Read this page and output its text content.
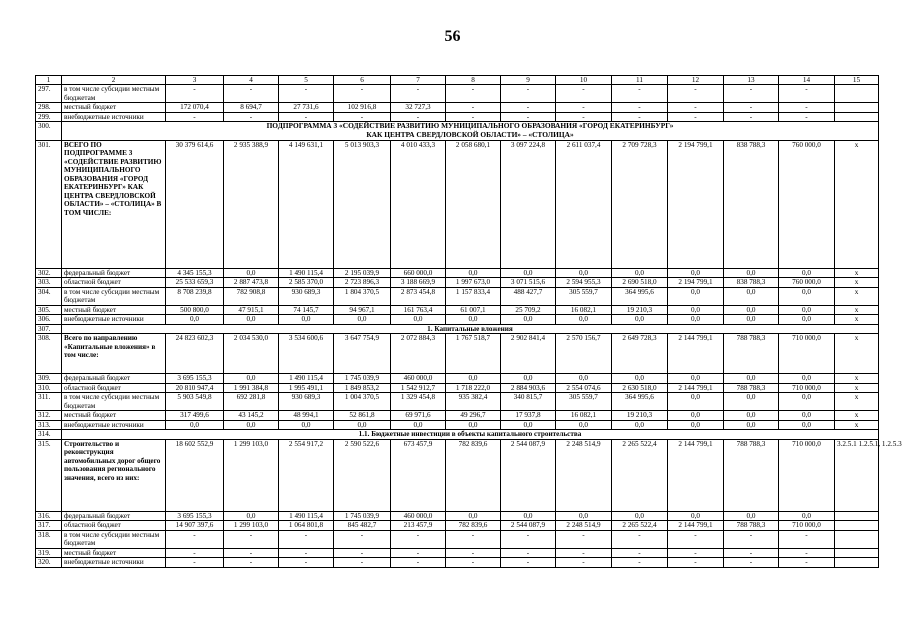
56
1	2	3	4	5	6	7	8	9	10	11	12	13	14	15
297.	в том числе субсидии местным бюджетам	-	-	-	-	-	-	-	-	-	-	-	-	
298.	местный бюджет	172 070,4	8 694,7	27 731,6	102 916,8	32 727,3	-	-	-	-	-	-	-	
299.	внебюджетные источники	-	-	-	-	-	-	-	-	-	-	-	-	
300.	ПОДПРОГРАММА 3 «СОДЕЙСТВИЕ РАЗВИТИЮ МУНИЦИПАЛЬНОГО ОБРАЗОВАНИЯ «ГОРОД ЕКАТЕРИНБУРГ»
КАК ЦЕНТРА СВЕРДЛОВСКОЙ ОБЛАСТИ» – «СТОЛИЦА»													

301.	ВСЕГО ПО ПОДПРОГРАММЕ 3 «СОДЕЙСТВИЕ РАЗВИТИЮ МУНИЦИПАЛЬНОГО ОБРАЗОВАНИЯ «ГОРОД ЕКАТЕРИНБУРГ» КАК ЦЕНТРА СВЕРДЛОВСКОЙ ОБЛАСТИ» – «СТОЛИЦА» В ТОМ ЧИСЛЕ:	30 379 614,6	2 935 388,9	4 149 631,1	5 013 903,3	4 010 433,3	2 058 680,1	3 097 224,8	2 611 037,4	2 709 728,3	2 194 799,1	838 788,3	760 000,0	x
302.	федеральный бюджет	4 345 155,3	0,0	1 490 115,4	2 195 039,9	660 000,0	0,0	0,0	0,0	0,0	0,0	0,0	0,0	x
303.	областной бюджет	25 533 659,3	2 887 473,8	2 585 370,0	2 723 896,3	3 188 669,9	1 997 673,0	3 071 515,6	2 594 955,3	2 690 518,0	2 194 799,1	838 788,3	760 000,0	x
304.	в том числе субсидии местным бюджетам	8 708 239,8	782 908,8	930 689,3	1 804 370,5	2 873 454,8	1 157 833,4	488 427,7	305 559,7	364 995,6	0,0	0,0	0,0	x
305.	местный бюджет	500 800,0	47 915,1	74 145,7	94 967,1	161 763,4	61 007,1	25 709,2	16 082,1	19 210,3	0,0	0,0	0,0	x
306.	внебюджетные источники	0,0	0,0	0,0	0,0	0,0	0,0	0,0	0,0	0,0	0,0	0,0	0,0	x
307.	1. Капитальные вложения													

308.	Всего по направлению «Капитальные вложения» в том числе:	24 823 602,3	2 034 530,0	3 534 600,6	3 647 754,9	2 072 884,3	1 767 518,7	2 902 841,4	2 570 156,7	2 649 728,3	2 144 799,1	788 788,3	710 000,0	x
309.	федеральный бюджет	3 695 155,3	0,0	1 490 115,4	1 745 039,9	460 000,0	0,0	0,0	0,0	0,0	0,0	0,0	0,0	x
310.	областной бюджет	20 810 947,4	1 991 384,8	1 995 491,1	1 849 853,2	1 542 912,7	1 718 222,0	2 884 903,6	2 554 074,6	2 630 518,0	2 144 799,1	788 788,3	710 000,0	x
311.	в том числе субсидии местным бюджетам	5 903 549,8	692 281,8	930 689,3	1 004 370,5	1 329 454,8	935 382,4	340 815,7	305 559,7	364 995,6	0,0	0,0	0,0	x
312.	местный бюджет	317 499,6	43 145,2	48 994,1	52 861,8	69 971,6	49 296,7	17 937,8	16 082,1	19 210,3	0,0	0,0	0,0	x
313.	внебюджетные источники	0,0	0,0	0,0	0,0	0,0	0,0	0,0	0,0	0,0	0,0	0,0	0,0	x
314.	1.1. Бюджетные инвестиции в объекты капитального строительства													

315.	Строительство и реконструкция автомобильных дорог общего пользования регионального значения, всего из них:	18 602 552,9	1 299 103,0	2 554 917,2	2 590 522,6	673 457,9	782 839,6	2 544 087,9	2 248 514,9	2 265 522,4	2 144 799,1	788 788,3	710 000,0	3.2.5.1 1.2.5.1, 1.2.5.3
316.	федеральный бюджет	3 695 155,3	0,0	1 490 115,4	1 745 039,9	460 000,0	0,0	0,0	0,0	0,0	0,0	0,0	0,0	
317.	областной бюджет	14 907 397,6	1 299 103,0	1 064 801,8	845 482,7	213 457,9	782 839,6	2 544 087,9	2 248 514,9	2 265 522,4	2 144 799,1	788 788,3	710 000,0	
318.	в том числе субсидии местным бюджетам	-	-	-	-	-	-	-	-	-	-	-	-	
319.	местный бюджет	-	-	-	-	-	-	-	-	-	-	-	-	
320.	внебюджетные источники	-	-	-	-	-	-	-	-	-	-	-	-	
